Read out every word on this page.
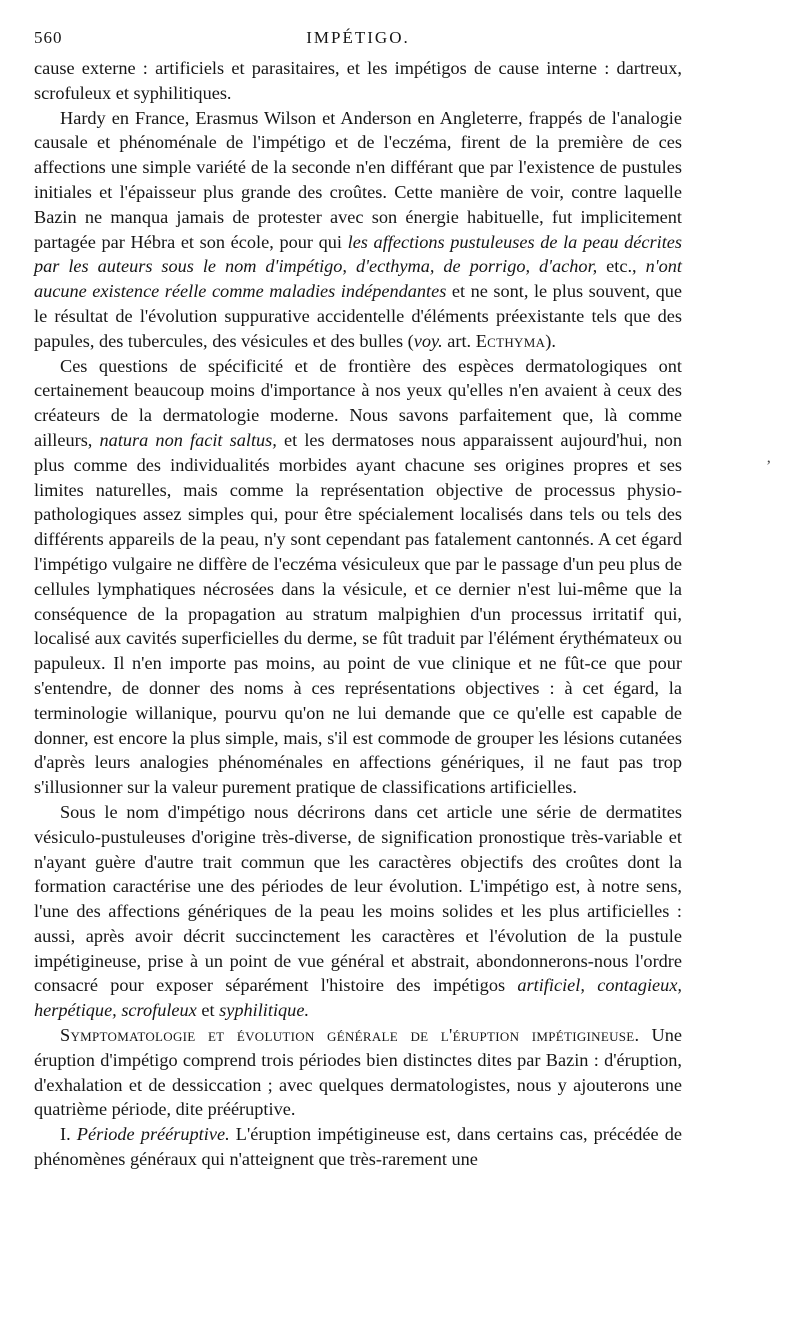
560	IMPÉTIGO.

cause externe : artificiels et parasitaires, et les impétigos de cause interne : dartreux, scrofuleux et syphilitiques.

Hardy en France, Erasmus Wilson et Anderson en Angleterre, frappés de l'analogie causale et phénoménale de l'impétigo et de l'eczéma, firent de la première de ces affections une simple variété de la seconde n'en différant que par l'existence de pustules initiales et l'épaisseur plus grande des croûtes. Cette manière de voir, contre laquelle Bazin ne manqua jamais de protester avec son énergie habituelle, fut implicitement partagée par Hébra et son école, pour qui les affections pustuleuses de la peau décrites par les auteurs sous le nom d'impétigo, d'ecthyma, de porrigo, d'achor, etc., n'ont aucune existence réelle comme maladies indépendantes et ne sont, le plus souvent, que le résultat de l'évolution suppurative accidentelle d'éléments préexistante tels que des papules, des tubercules, des vésicules et des bulles (voy. art. Ecthyma).

Ces questions de spécificité et de frontière des espèces dermatologiques ont certainement beaucoup moins d'importance à nos yeux qu'elles n'en avaient à ceux des créateurs de la dermatologie moderne. Nous savons parfaitement que, là comme ailleurs, natura non facit saltus, et les dermatoses nous apparaissent aujourd'hui, non plus comme des individualités morbides ayant chacune ses origines propres et ses limites naturelles, mais comme la représentation objective de processus physio-pathologiques assez simples qui, pour être spécialement localisés dans tels ou tels des différents appareils de la peau, n'y sont cependant pas fatalement cantonnés. A cet égard l'impétigo vulgaire ne diffère de l'eczéma vésiculeux que par le passage d'un peu plus de cellules lymphatiques nécrosées dans la vésicule, et ce dernier n'est lui-même que la conséquence de la propagation au stratum malpighien d'un processus irritatif qui, localisé aux cavités superficielles du derme, se fût traduit par l'élément érythémateux ou papuleux. Il n'en importe pas moins, au point de vue clinique et ne fût-ce que pour s'entendre, de donner des noms à ces représentations objectives : à cet égard, la terminologie willanique, pourvu qu'on ne lui demande que ce qu'elle est capable de donner, est encore la plus simple, mais, s'il est commode de grouper les lésions cutanées d'après leurs analogies phénoménales en affections génériques, il ne faut pas trop s'illusionner sur la valeur purement pratique de classifications artificielles.

Sous le nom d'impétigo nous décrirons dans cet article une série de dermatites vésiculo-pustuleuses d'origine très-diverse, de signification pronostique très-variable et n'ayant guère d'autre trait commun que les caractères objectifs des croûtes dont la formation caractérise une des périodes de leur évolution. L'impétigo est, à notre sens, l'une des affections génériques de la peau les moins solides et les plus artificielles : aussi, après avoir décrit succinctement les caractères et l'évolution de la pustule impétigineuse, prise à un point de vue général et abstrait, abondonnerons-nous l'ordre consacré pour exposer séparément l'histoire des impétigos artificiel, contagieux, herpétique, scrofuleux et syphilitique.

Symptomatologie et évolution générale de l'éruption impétigineuse. Une éruption d'impétigo comprend trois périodes bien distinctes dites par Bazin : d'éruption, d'exhalation et de dessiccation ; avec quelques dermatologistes, nous y ajouterons une quatrième période, dite prééruptive.

I. Période prééruptive. L'éruption impétigineuse est, dans certains cas, précédée de phénomènes généraux qui n'atteignent que très-rarement une

ʼ
